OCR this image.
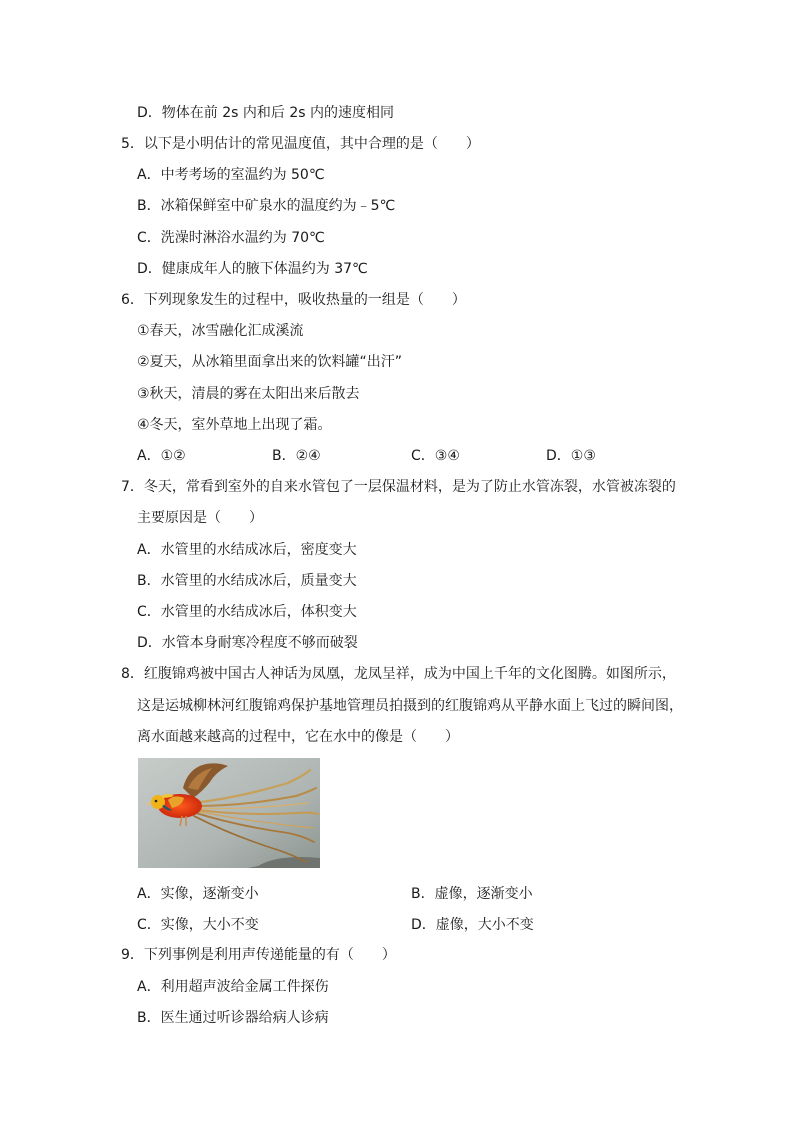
D．物体在前 2s 内和后 2s 内的速度相同
5．以下是小明估计的常见温度值，其中合理的是（　　）
A．中考考场的室温约为 50℃
B．冰箱保鲜室中矿泉水的温度约为﹣5℃
C．洗澡时淋浴水温约为 70℃
D．健康成年人的腋下体温约为 37℃
6．下列现象发生的过程中，吸收热量的一组是（　　）
①春天，冰雪融化汇成溪流
②夏天，从冰箱里面拿出来的饮料罐“出汗”
③秋天，清晨的雾在太阳出来后散去
④冬天，室外草地上出现了霜。
A．①②	B．②④	C．③④	D．①③
7．冬天，常看到室外的自来水管包了一层保温材料，是为了防止水管冻裂，水管被冻裂的
主要原因是（　　）
A．水管里的水结成冰后，密度变大
B．水管里的水结成冰后，质量变大
C．水管里的水结成冰后，体积变大
D．水管本身耐寒冷程度不够而破裂
8．红腹锦鸡被中国古人神话为凤凰，龙凤呈祥，成为中国上千年的文化图腾。如图所示，
这是运城柳林河红腹锦鸡保护基地管理员拍摄到的红腹锦鸡从平静水面上飞过的瞬间图，
离水面越来越高的过程中，它在水中的像是（　　）
A．实像，逐渐变小	B．虚像，逐渐变小
C．实像，大小不变	D．虚像，大小不变
9．下列事例是利用声传递能量的有（　　）
A．利用超声波给金属工件探伤
B．医生通过听诊器给病人诊病
